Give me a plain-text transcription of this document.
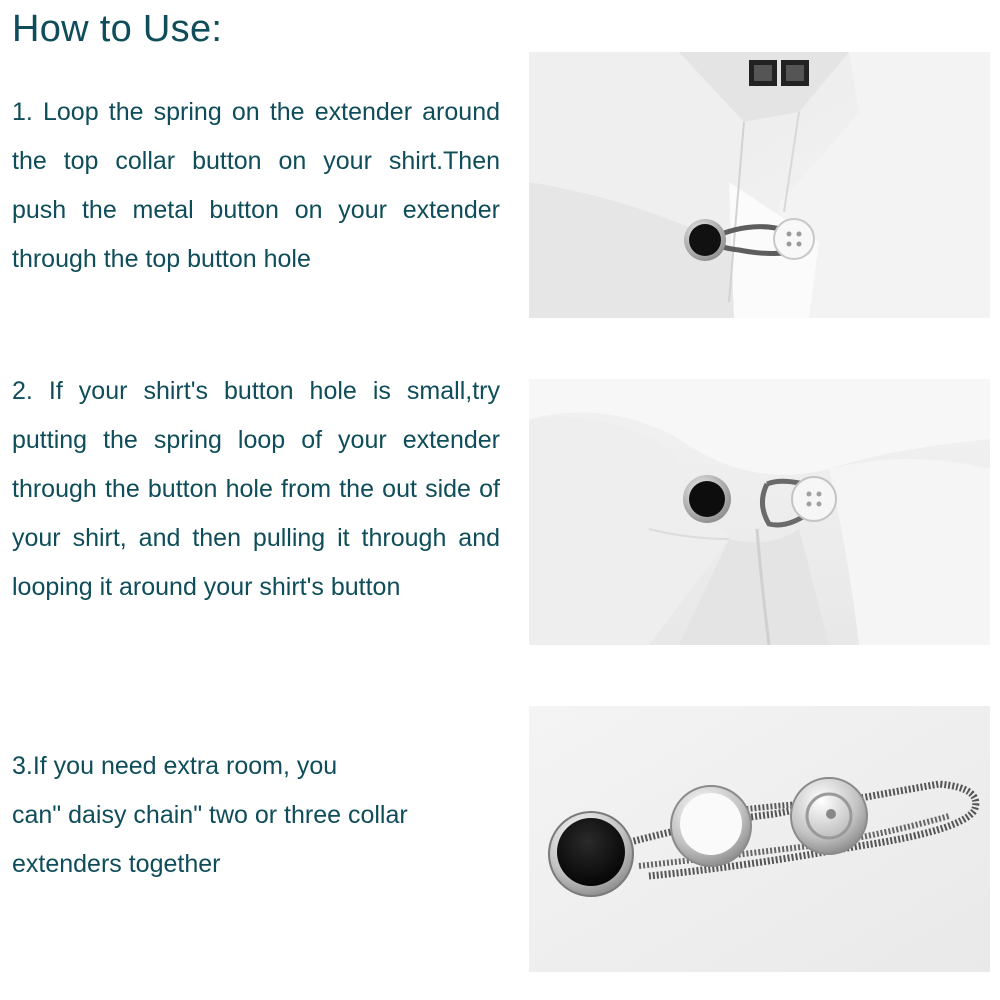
How to Use:

1. Loop the spring on the extender around the top collar button on your shirt.Then push the metal button on your extender through the top button hole

2. If your shirt's button hole is small,try putting the spring loop of your extender through the button hole from the out side of your shirt, and then pulling it through and looping it around your shirt's button

3.If you need extra room, you
can" daisy chain" two or three collar
extenders together
